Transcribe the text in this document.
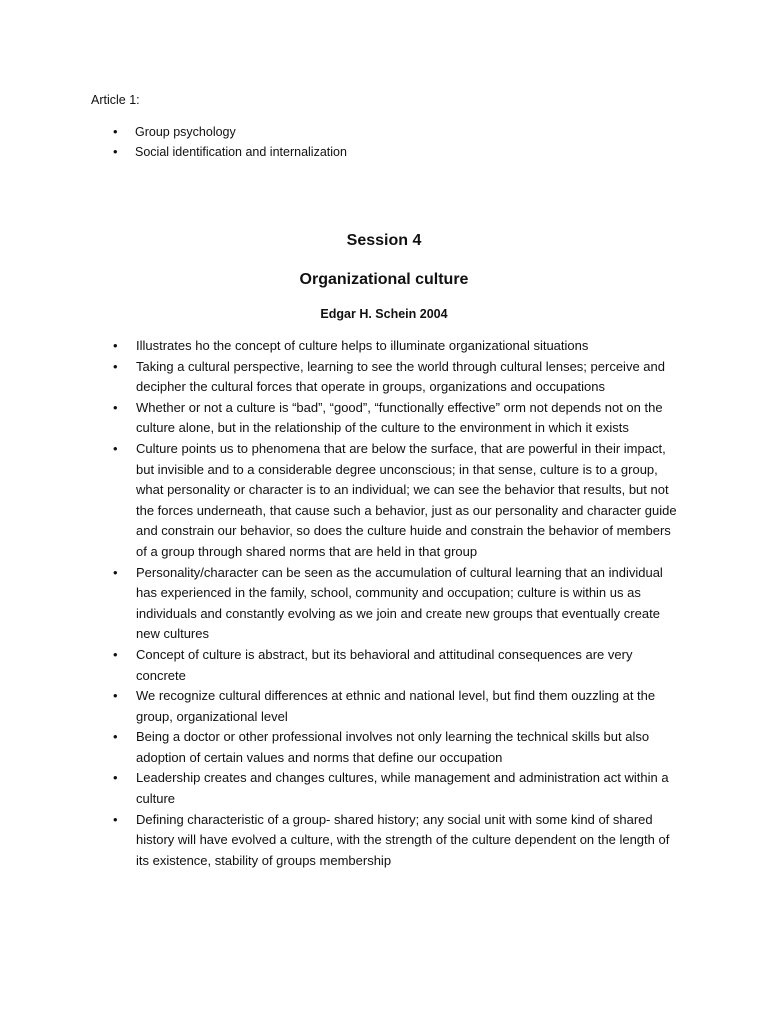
Article 1:
• Group psychology
• Social identification and internalization
Session 4
Organizational culture
Edgar H. Schein 2004
• Illustrates ho the concept of culture helps to illuminate organizational situations
• Taking a cultural perspective, learning to see the world through cultural lenses; perceive and decipher the cultural forces that operate in groups, organizations and occupations
• Whether or not a culture is “bad”, “good”, “functionally effective” orm not depends not on the culture alone, but in the relationship of the culture to the environment in which it exists
• Culture points us to phenomena that are below the surface, that are powerful in their impact, but invisible and to a considerable degree unconscious; in that sense, culture is to a group, what personality or character is to an individual; we can see the behavior that results, but not the forces underneath, that cause such a behavior, just as our personality and character guide and constrain our behavior, so does the culture huide and constrain the behavior of members of a group through shared norms that are held in that group
• Personality/character can be seen as the accumulation of cultural learning that an individual has experienced in the family, school, community and occupation; culture is within us as individuals and constantly evolving as we join and create new groups that eventually create new cultures
• Concept of culture is abstract, but its behavioral and attitudinal consequences are very concrete
• We recognize cultural differences at ethnic and national level, but find them ouzzling at the group, organizational level
• Being a doctor or other professional involves not only learning the technical skills but also adoption of certain values and norms that define our occupation
• Leadership creates and changes cultures, while management and administration act within a culture
• Defining characteristic of a group- shared history; any social unit with some kind of shared history will have evolved a culture, with the strength of the culture dependent on the length of its existence, stability of groups membership
